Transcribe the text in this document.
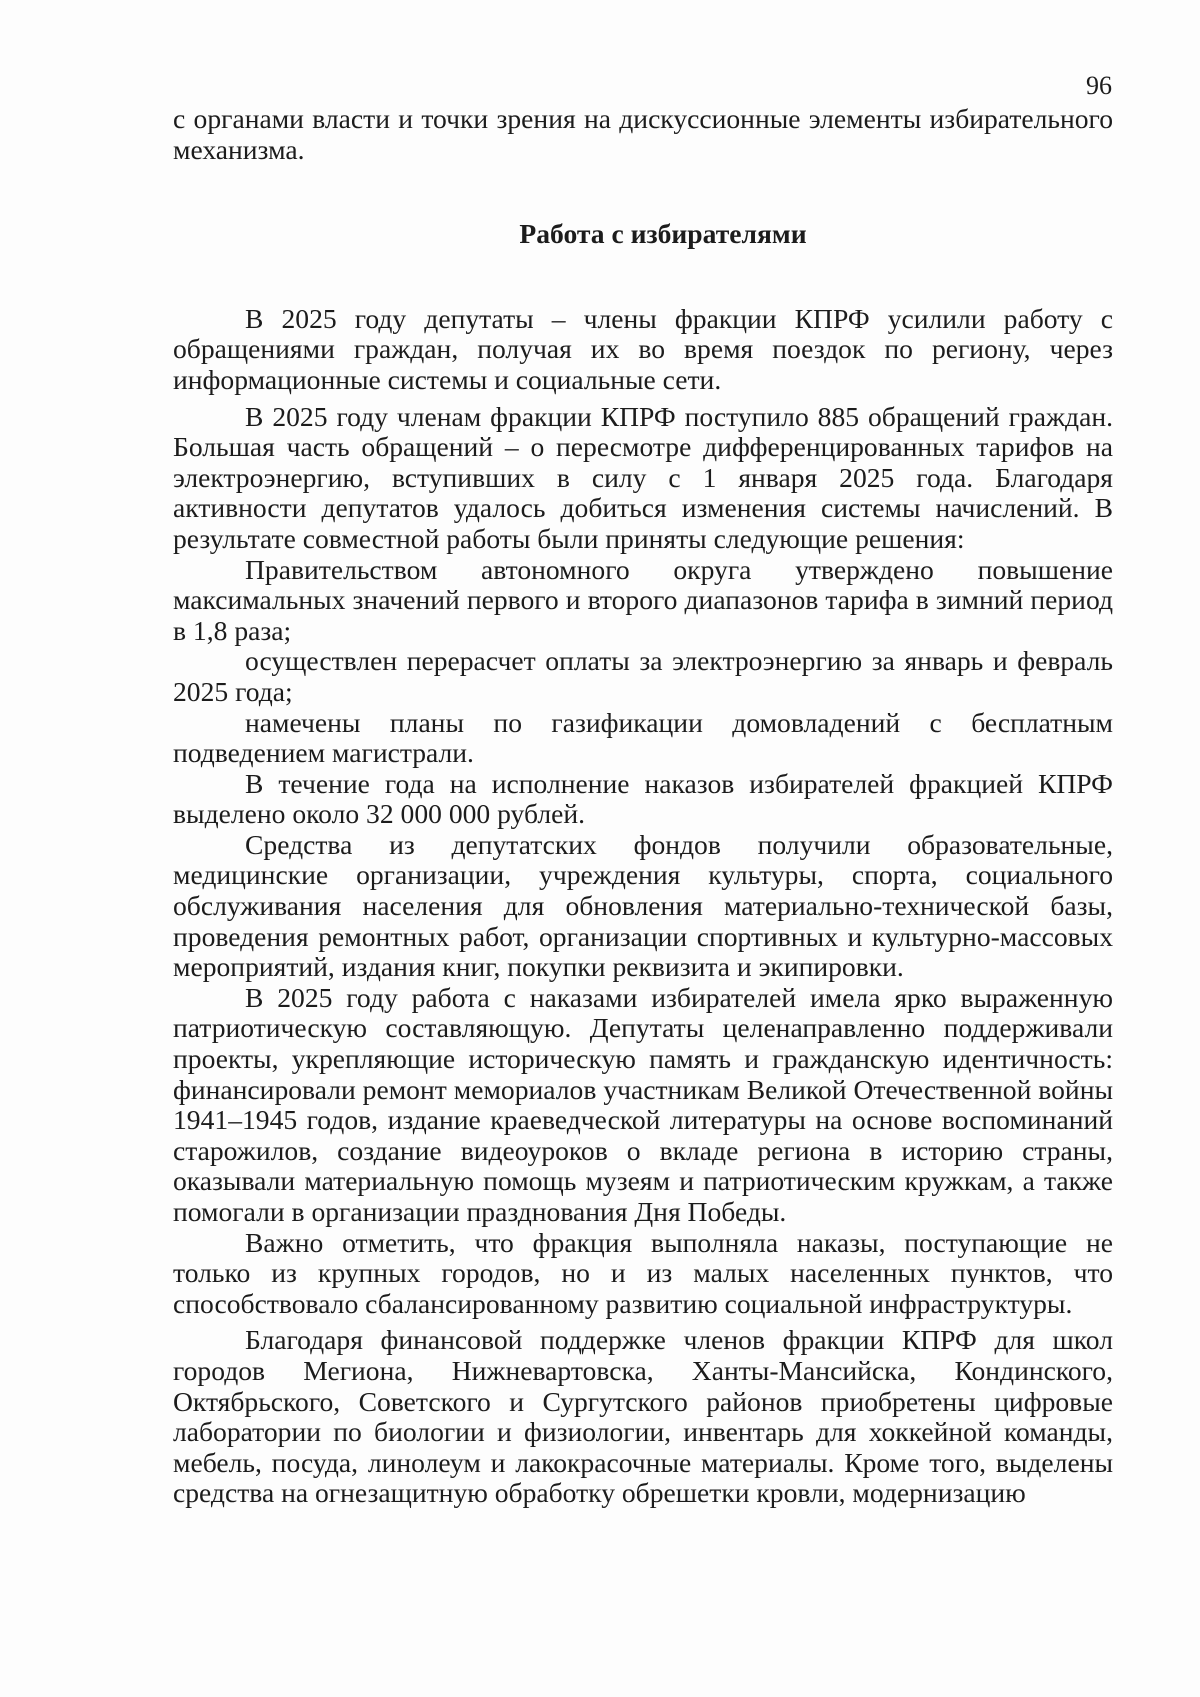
96

с органами власти и точки зрения на дискуссионные элементы избирательного механизма.

Работа с избирателями

В 2025 году депутаты – члены фракции КПРФ усилили работу с обращениями граждан, получая их во время поездок по региону, через информационные системы и социальные сети.

В 2025 году членам фракции КПРФ поступило 885 обращений граждан. Большая часть обращений – о пересмотре дифференцированных тарифов на электроэнергию, вступивших в силу с 1 января 2025 года. Благодаря активности депутатов удалось добиться изменения системы начислений. В результате совместной работы были приняты следующие решения:

Правительством автономного округа утверждено повышение максимальных значений первого и второго диапазонов тарифа в зимний период в 1,8 раза;

осуществлен перерасчет оплаты за электроэнергию за январь и февраль 2025 года;

намечены планы по газификации домовладений с бесплатным подведением магистрали.

В течение года на исполнение наказов избирателей фракцией КПРФ выделено около 32 000 000 рублей.

Средства из депутатских фондов получили образовательные, медицинские организации, учреждения культуры, спорта, социального обслуживания населения для обновления материально-технической базы, проведения ремонтных работ, организации спортивных и культурно-массовых мероприятий, издания книг, покупки реквизита и экипировки.

В 2025 году работа с наказами избирателей имела ярко выраженную патриотическую составляющую. Депутаты целенаправленно поддерживали проекты, укрепляющие историческую память и гражданскую идентичность: финансировали ремонт мемориалов участникам Великой Отечественной войны 1941–1945 годов, издание краеведческой литературы на основе воспоминаний старожилов, создание видеоуроков о вкладе региона в историю страны, оказывали материальную помощь музеям и патриотическим кружкам, а также помогали в организации празднования Дня Победы.

Важно отметить, что фракция выполняла наказы, поступающие не только из крупных городов, но и из малых населенных пунктов, что способствовало сбалансированному развитию социальной инфраструктуры.

Благодаря финансовой поддержке членов фракции КПРФ для школ городов Мегиона, Нижневартовска, Ханты-Мансийска, Кондинского, Октябрьского, Советского и Сургутского районов приобретены цифровые лаборатории по биологии и физиологии, инвентарь для хоккейной команды, мебель, посуда, линолеум и лакокрасочные материалы. Кроме того, выделены средства на огнезащитную обработку обрешетки кровли, модернизацию
